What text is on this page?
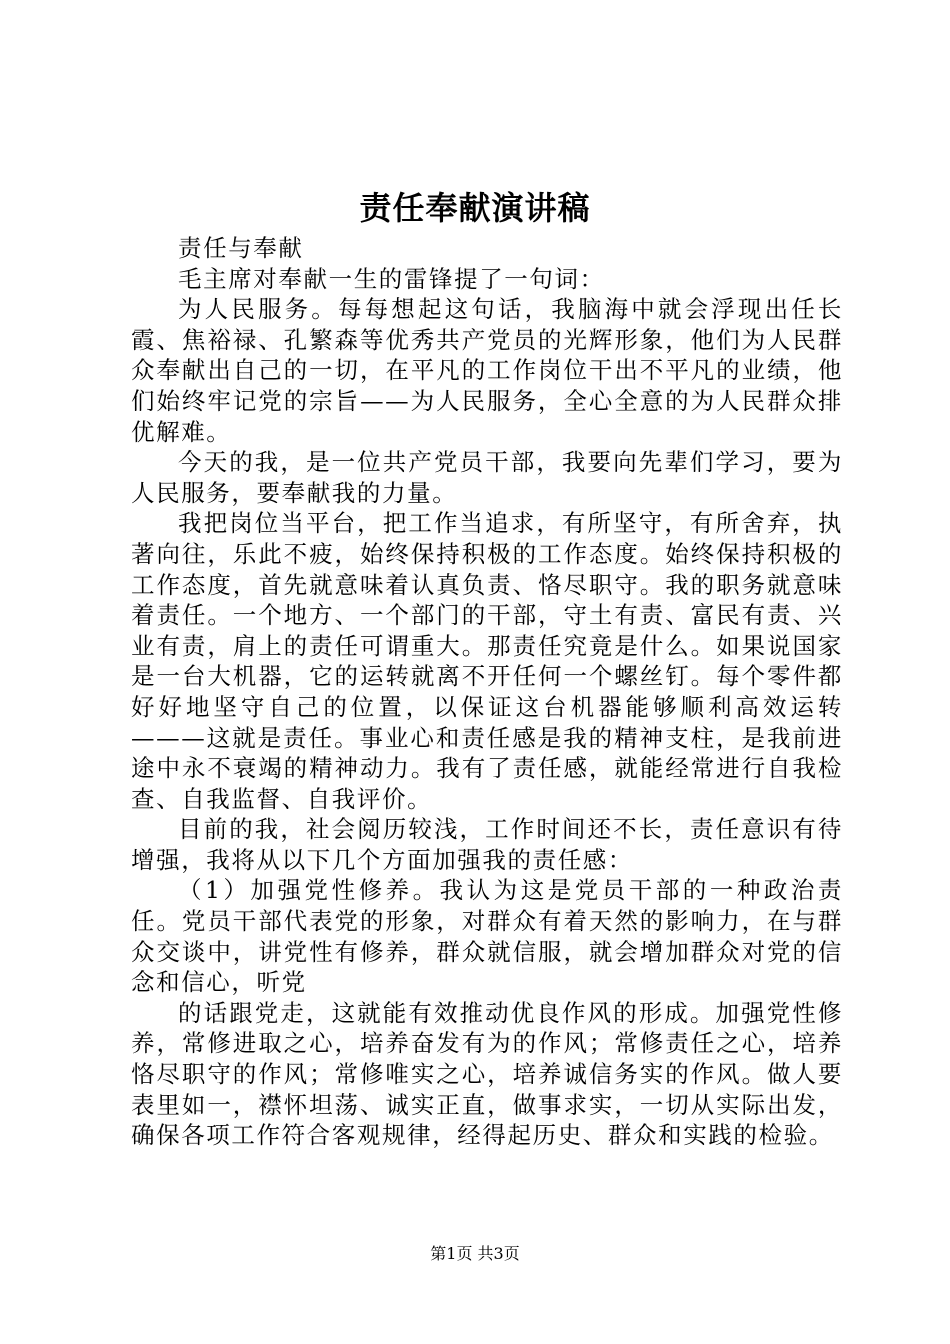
责任奉献演讲稿

责任与奉献

毛主席对奉献一生的雷锋提了一句词：

为人民服务。每每想起这句话，我脑海中就会浮现出任长霞、焦裕禄、孔繁森等优秀共产党员的光辉形象，他们为人民群众奉献出自己的一切，在平凡的工作岗位干出不平凡的业绩，他们始终牢记党的宗旨——为人民服务，全心全意的为人民群众排优解难。

今天的我，是一位共产党员干部，我要向先辈们学习，要为人民服务，要奉献我的力量。

我把岗位当平台，把工作当追求，有所坚守，有所舍弃，执著向往，乐此不疲，始终保持积极的工作态度。始终保持积极的工作态度，首先就意味着认真负责、恪尽职守。我的职务就意味着责任。一个地方、一个部门的干部，守土有责、富民有责、兴业有责，肩上的责任可谓重大。那责任究竟是什么。如果说国家是一台大机器，它的运转就离不开任何一个螺丝钉。每个零件都好好地坚守自己的位置，以保证这台机器能够顺利高效运转———这就是责任。事业心和责任感是我的精神支柱，是我前进途中永不衰竭的精神动力。我有了责任感，就能经常进行自我检查、自我监督、自我评价。

目前的我，社会阅历较浅，工作时间还不长，责任意识有待增强，我将从以下几个方面加强我的责任感：

（1）加强党性修养。我认为这是党员干部的一种政治责任。党员干部代表党的形象，对群众有着天然的影响力，在与群众交谈中，讲党性有修养，群众就信服，就会增加群众对党的信念和信心，听党

的话跟党走，这就能有效推动优良作风的形成。加强党性修养，常修进取之心，培养奋发有为的作风；常修责任之心，培养恪尽职守的作风；常修唯实之心，培养诚信务实的作风。做人要表里如一，襟怀坦荡、诚实正直，做事求实，一切从实际出发，确保各项工作符合客观规律，经得起历史、群众和实践的检验。

第1页 共3页
